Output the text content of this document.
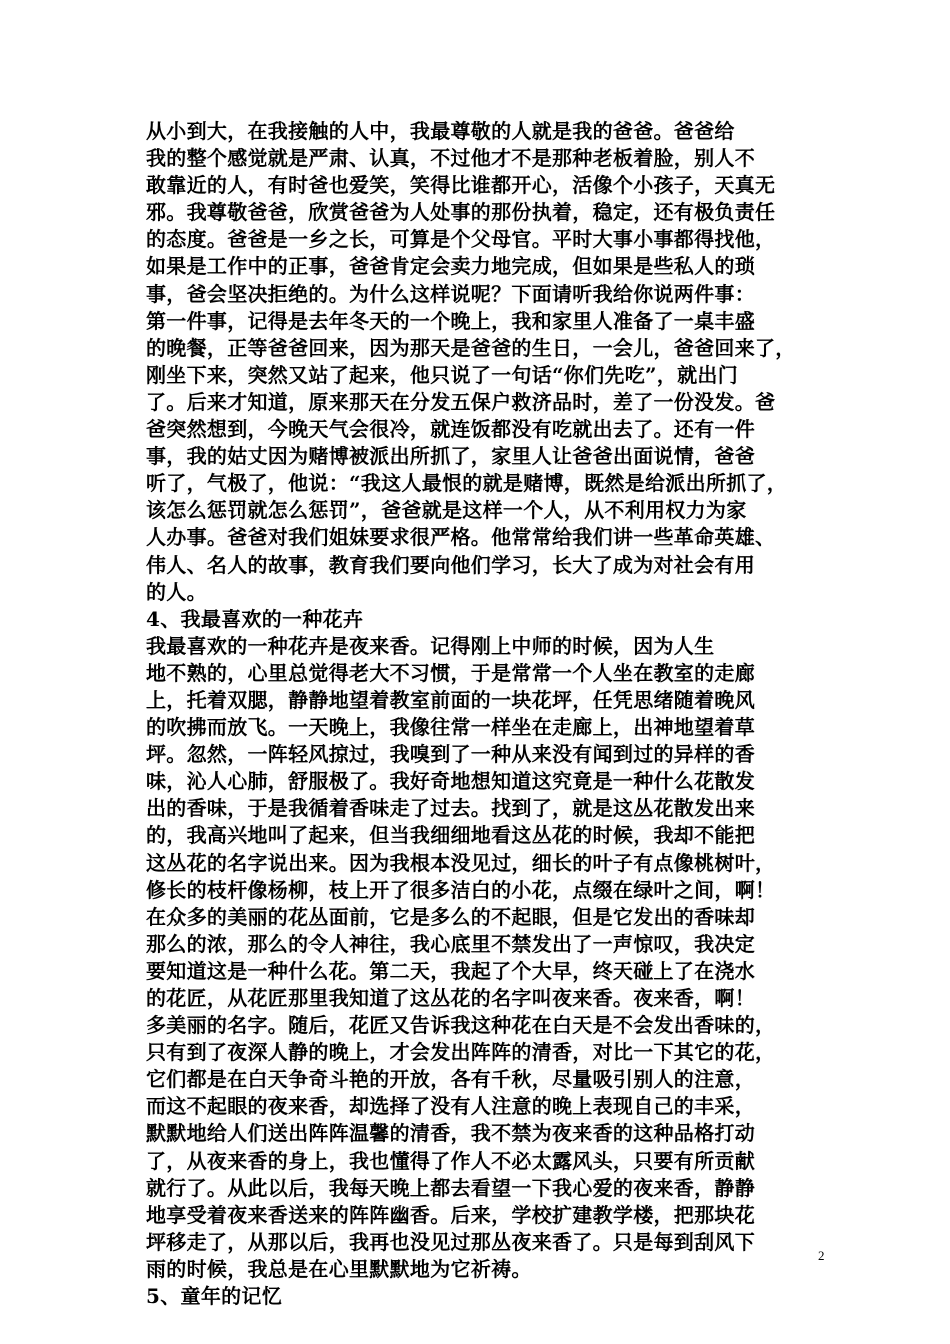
从小到大，在我接触的人中，我最尊敬的人就是我的爸爸。爸爸给
我的整个感觉就是严肃、认真，不过他才不是那种老板着脸，别人不
敢靠近的人，有时爸也爱笑，笑得比谁都开心，活像个小孩子，天真无
邪。我尊敬爸爸，欣赏爸爸为人处事的那份执着，稳定，还有极负责任
的态度。爸爸是一乡之长，可算是个父母官。平时大事小事都得找他，
如果是工作中的正事，爸爸肯定会卖力地完成，但如果是些私人的琐
事，爸会坚决拒绝的。为什么这样说呢？下面请听我给你说两件事：
第一件事，记得是去年冬天的一个晚上，我和家里人准备了一桌丰盛
的晚餐，正等爸爸回来，因为那天是爸爸的生日，一会儿，爸爸回来了，
刚坐下来，突然又站了起来，他只说了一句话“你们先吃”，就出门
了。后来才知道，原来那天在分发五保户救济品时，差了一份没发。爸
爸突然想到，今晚天气会很冷，就连饭都没有吃就出去了。还有一件
事，我的姑丈因为赌博被派出所抓了，家里人让爸爸出面说情，爸爸
听了，气极了，他说：“我这人最恨的就是赌博，既然是给派出所抓了，
该怎么惩罚就怎么惩罚”，爸爸就是这样一个人，从不利用权力为家
人办事。爸爸对我们姐妹要求很严格。他常常给我们讲一些革命英雄、
伟人、名人的故事，教育我们要向他们学习，长大了成为对社会有用
的人。
4、我最喜欢的一种花卉
我最喜欢的一种花卉是夜来香。记得刚上中师的时候，因为人生
地不熟的，心里总觉得老大不习惯，于是常常一个人坐在教室的走廊
上，托着双腮，静静地望着教室前面的一块花坪，任凭思绪随着晚风
的吹拂而放飞。一天晚上，我像往常一样坐在走廊上，出神地望着草
坪。忽然，一阵轻风掠过，我嗅到了一种从来没有闻到过的异样的香
味，沁人心肺，舒服极了。我好奇地想知道这究竟是一种什么花散发
出的香味，于是我循着香味走了过去。找到了，就是这丛花散发出来
的，我高兴地叫了起来，但当我细细地看这丛花的时候，我却不能把
这丛花的名字说出来。因为我根本没见过，细长的叶子有点像桃树叶，
修长的枝杆像杨柳，枝上开了很多洁白的小花，点缀在绿叶之间，啊！
在众多的美丽的花丛面前，它是多么的不起眼，但是它发出的香味却
那么的浓，那么的令人神往，我心底里不禁发出了一声惊叹，我决定
要知道这是一种什么花。第二天，我起了个大早，终天碰上了在浇水
的花匠，从花匠那里我知道了这丛花的名字叫夜来香。夜来香，啊！
多美丽的名字。随后，花匠又告诉我这种花在白天是不会发出香味的，
只有到了夜深人静的晚上，才会发出阵阵的清香，对比一下其它的花，
它们都是在白天争奇斗艳的开放，各有千秋，尽量吸引别人的注意，
而这不起眼的夜来香，却选择了没有人注意的晚上表现自己的丰采，
默默地给人们送出阵阵温馨的清香，我不禁为夜来香的这种品格打动
了，从夜来香的身上，我也懂得了作人不必太露风头，只要有所贡献
就行了。从此以后，我每天晚上都去看望一下我心爱的夜来香，静静
地享受着夜来香送来的阵阵幽香。后来，学校扩建教学楼，把那块花
坪移走了，从那以后，我再也没见过那丛夜来香了。只是每到刮风下
雨的时候，我总是在心里默默地为它祈祷。
5、童年的记忆
2
